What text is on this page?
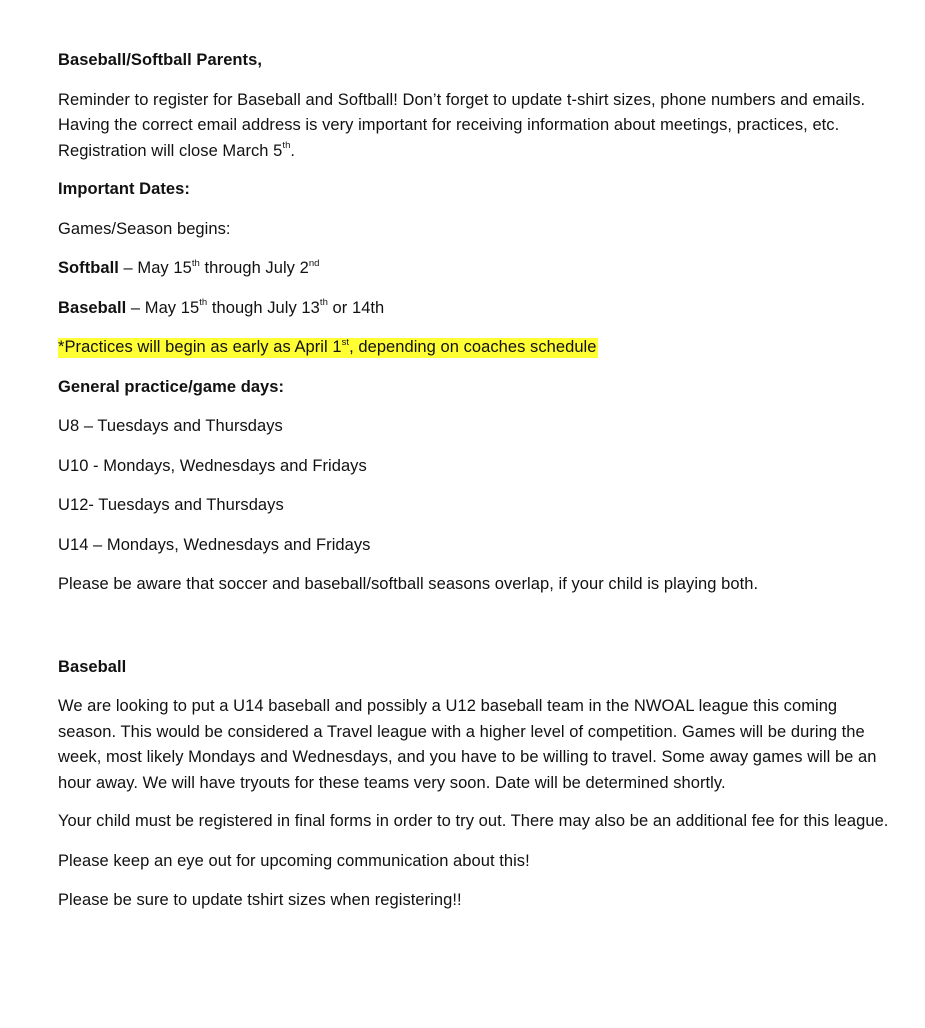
Baseball/Softball Parents,

Reminder to register for Baseball and Softball! Don’t forget to update t-shirt sizes, phone numbers and emails. Having the correct email address is very important for receiving information about meetings, practices, etc. Registration will close March 5th.

Important Dates:

Games/Season begins:

Softball – May 15th through July 2nd

Baseball – May 15th though July 13th or 14th

*Practices will begin as early as April 1st, depending on coaches schedule

General practice/game days:

U8 – Tuesdays and Thursdays

U10 - Mondays, Wednesdays and Fridays

U12- Tuesdays and Thursdays

U14 – Mondays, Wednesdays and Fridays

Please be aware that soccer and baseball/softball seasons overlap, if your child is playing both.

Baseball

We are looking to put a U14 baseball and possibly a U12 baseball team in the NWOAL league this coming season. This would be considered a Travel league with a higher level of competition. Games will be during the week, most likely Mondays and Wednesdays, and you have to be willing to travel. Some away games will be an hour away. We will have tryouts for these teams very soon. Date will be determined shortly.

Your child must be registered in final forms in order to try out. There may also be an additional fee for this league.

Please keep an eye out for upcoming communication about this!

Please be sure to update tshirt sizes when registering!!
